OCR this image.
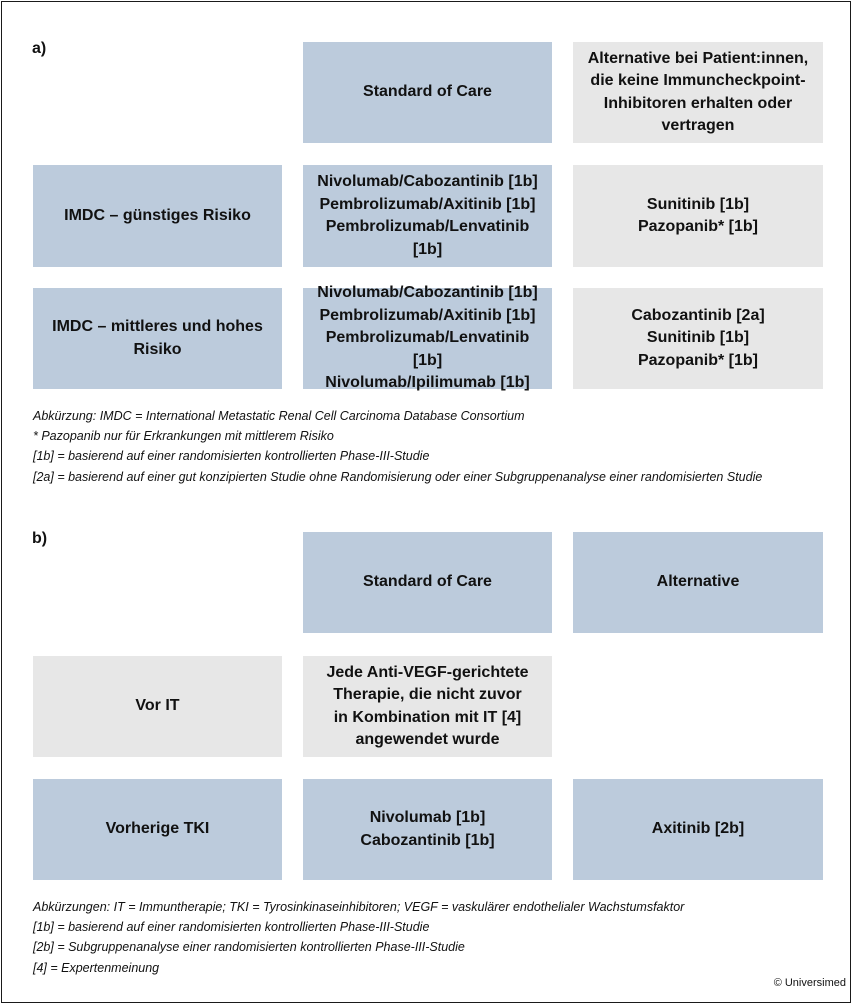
a)
Standard of Care
Alternative bei Patient:innen,
die keine Immuncheckpoint-
Inhibitoren erhalten oder
vertragen
IMDC – günstiges Risiko
Nivolumab/Cabozantinib [1b]
Pembrolizumab/Axitinib [1b]
Pembrolizumab/Lenvatinib [1b]
Sunitinib [1b]
Pazopanib* [1b]
IMDC – mittleres und hohes
Risiko
Nivolumab/Cabozantinib [1b]
Pembrolizumab/Axitinib [1b]
Pembrolizumab/Lenvatinib [1b]
Nivolumab/Ipilimumab [1b]
Cabozantinib [2a]
Sunitinib [1b]
Pazopanib* [1b]
Abkürzung: IMDC = International Metastatic Renal Cell Carcinoma Database Consortium
* Pazopanib nur für Erkrankungen mit mittlerem Risiko
[1b] = basierend auf einer randomisierten kontrollierten Phase-III-Studie
[2a] = basierend auf einer gut konzipierten Studie ohne Randomisierung oder einer Subgruppenanalyse einer randomisierten Studie
b)
Standard of Care	Alternative
Vor IT
Jede Anti-VEGF-gerichtete
Therapie, die nicht zuvor
in Kombination mit IT [4]
angewendet wurde
Vorherige TKI
Nivolumab [1b]
Cabozantinib [1b]
Axitinib [2b]
Abkürzungen: IT = Immuntherapie; TKI = Tyrosinkinaseinhibitoren; VEGF = vaskulärer endothelialer Wachstumsfaktor
[1b] = basierend auf einer randomisierten kontrollierten Phase-III-Studie
[2b] = Subgruppenanalyse einer randomisierten kontrollierten Phase-III-Studie
[4] = Expertenmeinung
© Universimed
